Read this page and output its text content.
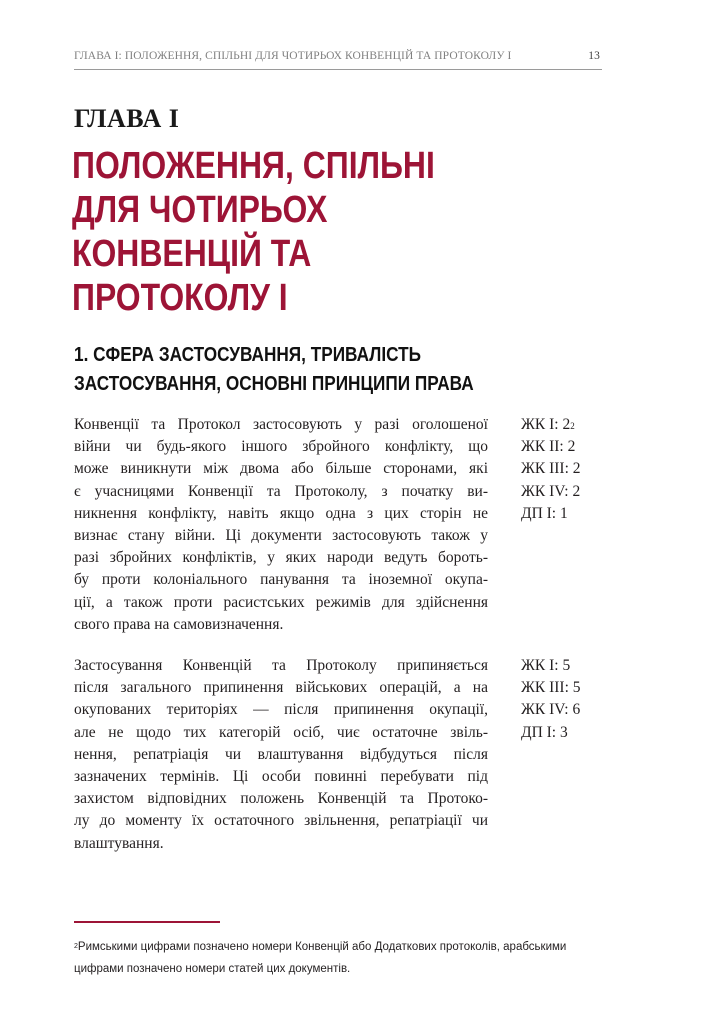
ГЛАВА І: ПОЛОЖЕННЯ, СПІЛЬНІ ДЛЯ ЧОТИРЬОХ КОНВЕНЦІЙ ТА ПРОТОКОЛУ І	13
ГЛАВА І
ПОЛОЖЕННЯ, СПІЛЬНІ
ДЛЯ ЧОТИРЬОХ
КОНВЕНЦІЙ ТА
ПРОТОКОЛУ І
1. СФЕРА ЗАСТОСУВАННЯ, ТРИВАЛІСТЬ
ЗАСТОСУВАННЯ, ОСНОВНІ ПРИНЦИПИ ПРАВА

Конвенції та Протокол застосовують у разі оголошеної
війни чи будь-якого іншого збройного конфлікту, що
може виникнути між двома або більше сторонами, які
є учасницями Конвенції та Протоколу, з початку ви-
никнення конфлікту, навіть якщо одна з цих сторін не
визнає стану війни. Ці документи застосовують також у
разі збройних конфліктів, у яких народи ведуть бороть-
бу проти колоніального панування та іноземної окупа-
ції, а також проти расистських режимів для здійснення
свого права на самовизначення.

ЖК І: $2^2$
ЖК ІІ: 2
ЖК ІІІ: 2
ЖК ІV: 2
ДП І: 1

Застосування Конвенцій та Протоколу припиняється
після загального припинення військових операцій, а на
окупованих територіях — після припинення окупації,
але не щодо тих категорій осіб, чиє остаточне звіль-
нення, репатріація чи влаштування відбудуться після
зазначених термінів. Ці особи повинні перебувати під
захистом відповідних положень Конвенцій та Протоко-
лу до моменту їх остаточного звільнення, репатріації чи
влаштування.

ЖК І: 5
ЖК ІІІ: 5
ЖК ІV: 6
ДП І: 3

$^2$Римськими цифрами позначено номери Конвенцій або Додаткових протоколів, арабськими
цифрами позначено номери статей цих документів.
